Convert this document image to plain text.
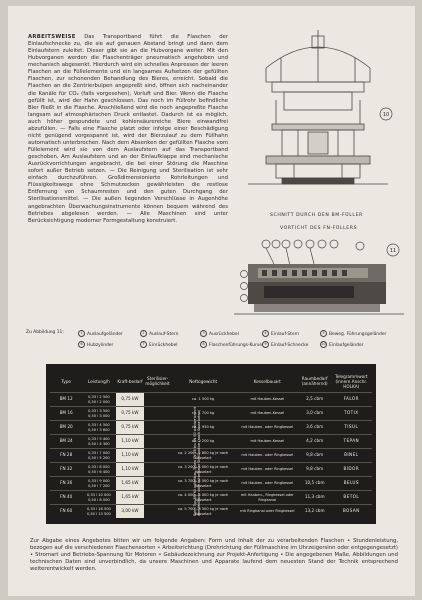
ARBEITSWEISE Das Transportband führt die Flaschen der Einlaufschnecke zu, die sie auf genauen Abstand bringt und dann dem Einlaufstern zuleitet. Dieser gibt sie an die Hubvorgane weiter. Mit den Hubvorganen werden die Flaschenträger pneumatisch angehoben und mechanisch abgesenkt. Hierdurch wird ein schnelles Anpressen der leeren Flaschen an die Füllelemente und ein langsames Aufsetzen der gefüllten Flaschen, zur schonenden Behandlung des Bieres, erreicht. Sobald die Flaschen an die Zentrierbulpen angepreßt sind, öffnen sich nacheinander die Kanäle für CO₂ (falls vorgesehen), Vorluft und Bier. Wenn die Flasche gefüllt ist, wird der Hahn geschlossen. Das noch im Füllrohr befindliche Bier fließt in die Flasche. Anschließend wird die noch angepreßte Flasche langsam auf atmosphärischen Druck entlastet. Dadurch ist es möglich, auch höher gespundete und kohlensäurereiche Biere einwandfrei abzufüllen. — Falls eine Flasche platzt oder infolge einer Beschädigung nicht genügend vorgespannt ist, wird der Bierzulauf zu dem Füllhahn automatisch unterbrochen. Nach dem Absenken der gefüllten Flasche vom Füllelement wird sie von dem Auslaufstern auf das Transportband geschoben. Am Auslaufstern und an der Einlaufklappe sind mechanische Ausrückvorrichtungen angebracht, die bei einer Störung die Maschine sofort außer Betrieb setzen. — Die Reinigung und Sterilisation ist sehr einfach durchzuführen. Großdimensionierte Rohrleitungen und Flüssigkeitswege ohne Schmutzecken gewährleisten die restlose Entfernung von Schaumresten und den guten Durchgang der Sterilisationsmittel. — Die außen liegenden Verschlüsse in Augenhöhe angebrachten Überwachungsinstrumente können bequem während des Betriebes abgelesen werden. — Alle Maschinen sind unter Berücksichtigung moderner Formgestaltung konstruiert.
10
SCHNITT DURCH DEN BM-FÜLLER
VORTICHT DES FN-FÜLLERS
11
Zu Abbildung 11:	1 Auslaufgeländer	2 Auslauf-Stern	3 Ausrückhebel	4 Einlauf-Stern	5 Beweg. Führungsgeländer
6 Hubzylinder	7 Einrückhebel	8 Flaschenführungs-Kurve 9 Einlauf-Schnecke	10 Einlaufgeländer
Type	Leistung/h	Kraft-bedarf	Sterilisier-möglichkeit	Nettogewicht	Kesselbauart	Raumbedarf (annähernd)	Telegrammwort (innere Anschr. HOLKA)
BM 12	0,33 l 2 500
0,50 l 2 000	0,75 kW		ca. 1 500 kg	mit Hauben-Kessel	2,5 cbm	FALOR
BM 16	0,33 l 3 500
0,50 l 3 000	0,75 kW		ca. 1 700 kg	mit Hauben-Kessel	3,0 cbm	TOTIX
BM 20	0,33 l 4 500
0,50 l 3 600	0,75 kW		ca. 1 950 kg	mit Hauben- oder Ringkessel	3,6 cbm	TISUL
BM 24	0,33 l 5 400
0,50 l 4 300	1,10 kW		ca. 2 200 kg	mit Hauben-Kessel	4,2 cbm	TEPAN
FN 28	0,33 l 7 000
0,50 l 5 200	1,10 kW		ca. 2 200—2 800 kg je nach Kesselart	mit Hauben- oder Ringkessel	9,8 cbm	BINEL
FN 32	0,33 l 8 000
0,50 l 6 400	1,10 kW		ca. 3 200—4 000 kg je nach Kesselart	mit Hauben- oder Ringkessel	9,8 cbm	BIDOR
FN 36	0,33 l 9 000
0,50 l 7 200	1,65 kW		ca. 3 700—4 500 kg je nach Kesselart	mit Hauben- oder Ringkessel	10,5 cbm	BELUS
FN 40	0,33 l 10 000
0,50 l 8 000	1,65 kW		ca. 4 000—5 000 kg je nach Kesselart	mit Hauben-, Ringkessel oder Ringkanal	11,3 cbm	BETOL
FN 60	0,33 l 16 500
0,50 l 13 500	3,00 kW		ca. 5 700—6 500 kg je nach Kesselart	mit Ringkanal oder Ringkessel	13,2 cbm	BOSAN
Beim Typ BM 60 mittelbar, Typen FN 28 bis FN 60 wahlweise mit unmittelbarer oder mittelbarer Sterilisation (nach Kesselarten)
Zur Abgabe eines Angebotes bitten wir um folgende Angaben: Form und Inhalt der zu verarbeitenden Flaschen • Stundenleistung, bezogen auf die verschiedenen Flaschensorten • Arbeitsrichtung (Drehrichtung der Füllmaschine im Uhrzeigersinn oder entgegengesetzt) • Stromart und Betriebs-Spannung für Motoren • Gebäudezeichnung zur Projekt-Anfertigung • Die angegebenen Maße, Abbildungen und technischen Daten sind unverbindlich, da unsere Maschinen und Apparate laufend dem neuesten Stand der Technik entsprechend weiterentwickelt werden.
